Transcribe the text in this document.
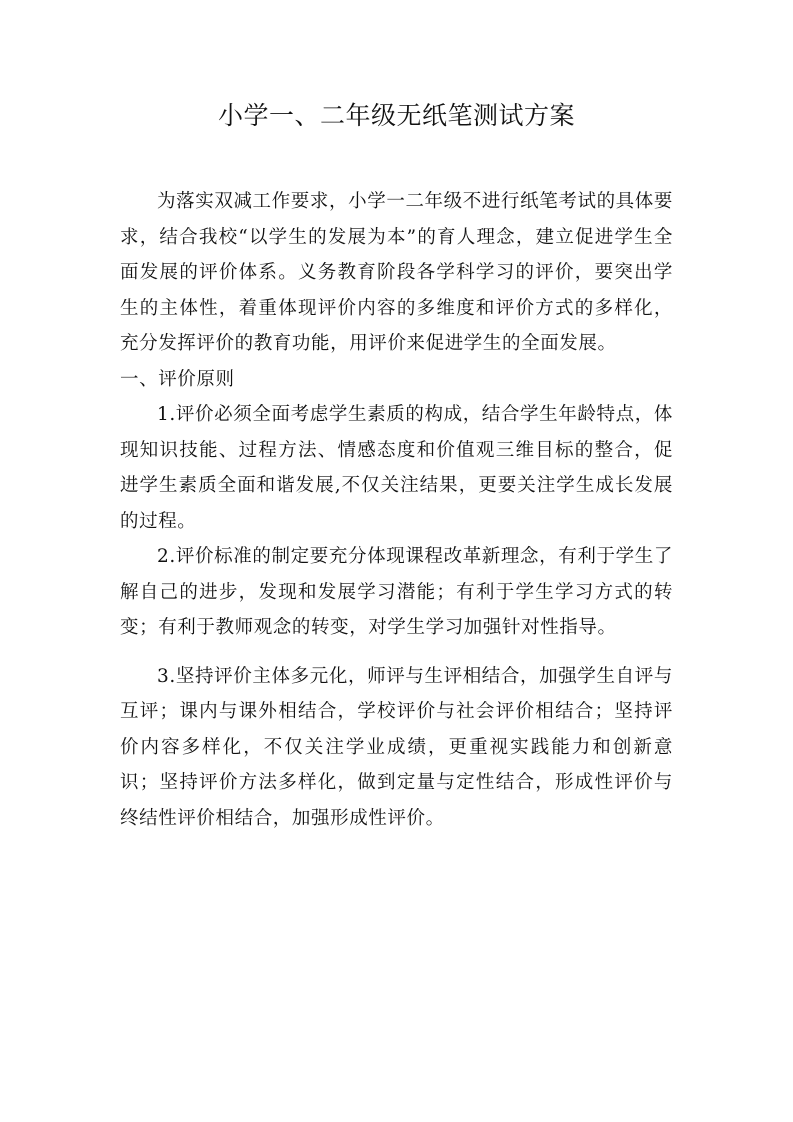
小学一、二年级无纸笔测试方案

为落实双减工作要求，小学一二年级不进行纸笔考试的具体要求，结合我校“以学生的发展为本”的育人理念，建立促进学生全面发展的评价体系。义务教育阶段各学科学习的评价，要突出学生的主体性，着重体现评价内容的多维度和评价方式的多样化，充分发挥评价的教育功能，用评价来促进学生的全面发展。

一、评价原则

1.评价必须全面考虑学生素质的构成，结合学生年龄特点，体现知识技能、过程方法、情感态度和价值观三维目标的整合，促进学生素质全面和谐发展,不仅关注结果，更要关注学生成长发展的过程。

2.评价标准的制定要充分体现课程改革新理念，有利于学生了解自己的进步，发现和发展学习潜能；有利于学生学习方式的转变；有利于教师观念的转变，对学生学习加强针对性指导。

3.坚持评价主体多元化，师评与生评相结合，加强学生自评与互评；课内与课外相结合，学校评价与社会评价相结合；坚持评价内容多样化，不仅关注学业成绩，更重视实践能力和创新意识；坚持评价方法多样化，做到定量与定性结合，形成性评价与终结性评价相结合，加强形成性评价。
